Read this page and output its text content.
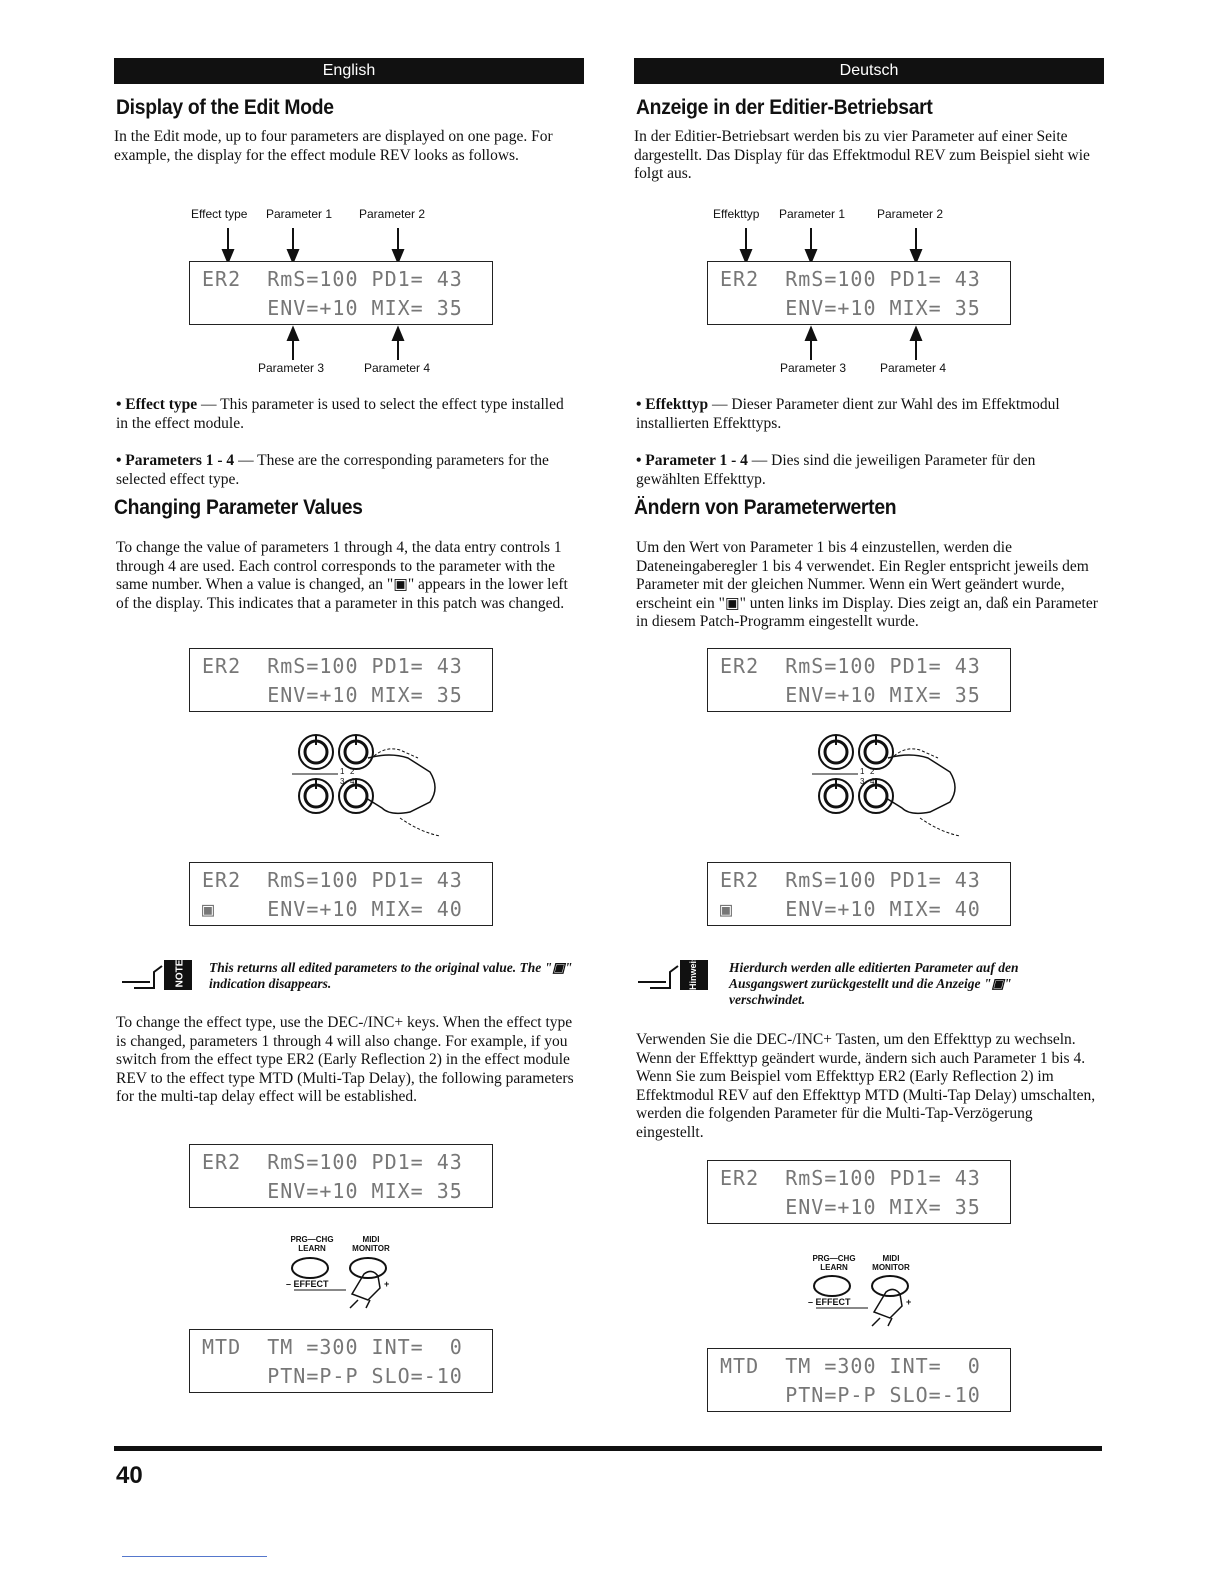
English
Display of the Edit Mode

In the Edit mode, up to four parameters are displayed on one page. For example, the display for the effect module REV looks as follows.

Deutsch
Anzeige in der Editier-Betriebsart

In der Editier-Betriebsart werden bis zu vier Parameter auf einer Seite dargestellt. Das Display für das Effektmodul REV zum Beispiel sieht wie folgt aus.

Effect type Parameter 1 Parameter 2
Parameter 3	Parameter 4
ER2  RmS=100 PD1= 43
ENV=+10 MIX= 35

• Effect type — This parameter is used to select the effect type installed in the effect module.

• Parameters 1 - 4 — These are the corresponding parameters for the selected effect type.

Changing Parameter Values

To change the value of parameters 1 through 4, the data entry controls 1 through 4 are used. Each control corresponds to the parameter with the same number. When a value is changed, an "▣" appears in the lower left of the display. This indicates that a parameter in this patch was changed.

ER2  RmS=100 PD1= 43
ENV=+10 MIX= 35
1 2
3 4
ER2  RmS=100 PD1= 43
▣    ENV=+10 MIX= 40
NOTE This returns all edited parameters to the original value. The "▣" indication disappears.

To change the effect type, use the DEC-/INC+ keys. When the effect type is changed, parameters 1 through 4 will also change. For example, if you switch from the effect type ER2 (Early Reflection 2) in the effect module REV to the effect type MTD (Multi-Tap Delay), the following parameters for the multi-tap delay effect will be established.

ER2  RmS=100 PD1= 43
ENV=+10 MIX= 35
PRG—CHG
LEARN
MIDI
MONITOR
– EFFECT	+
MTD  TM =300 INT=  0
PTN=P-P SLO=-10
Effekttyp Parameter 1	Parameter 2
Parameter 3	Parameter 4
ER2  RmS=100 PD1= 43
ENV=+10 MIX= 35

• Effekttyp — Dieser Parameter dient zur Wahl des im Effektmodul installierten Effekttyps.

• Parameter 1 - 4 — Dies sind die jeweiligen Parameter für den gewählten Effekttyp.

Ändern von Parameterwerten

Um den Wert von Parameter 1 bis 4 einzustellen, werden die Dateneingaberegler 1 bis 4 verwendet. Ein Regler entspricht jeweils dem Parameter mit der gleichen Nummer. Wenn ein Wert geändert wurde, erscheint ein "▣" unten links im Display. Dies zeigt an, daß ein Parameter in diesem Patch-Programm eingestellt wurde.

ER2  RmS=100 PD1= 43
ENV=+10 MIX= 35
1 2
3 4
ER2  RmS=100 PD1= 43
▣    ENV=+10 MIX= 40
Hinweis Hierdurch werden alle editierten Parameter auf den Ausgangswert zurückgestellt und die Anzeige "▣" verschwindet.

Verwenden Sie die DEC-/INC+ Tasten, um den Effekttyp zu wechseln. Wenn der Effekttyp geändert wurde, ändern sich auch Parameter 1 bis 4. Wenn Sie zum Beispiel vom Effekttyp ER2 (Early Reflection 2) im Effektmodul REV auf den Effekttyp MTD (Multi-Tap Delay) umschalten, werden die folgenden Parameter für die Multi-Tap-Verzögerung eingestellt.

ER2  RmS=100 PD1= 43
ENV=+10 MIX= 35
PRG—CHG
LEARN
MIDI
MONITOR
– EFFECT	+
MTD  TM =300 INT=  0
PTN=P-P SLO=-10
40
